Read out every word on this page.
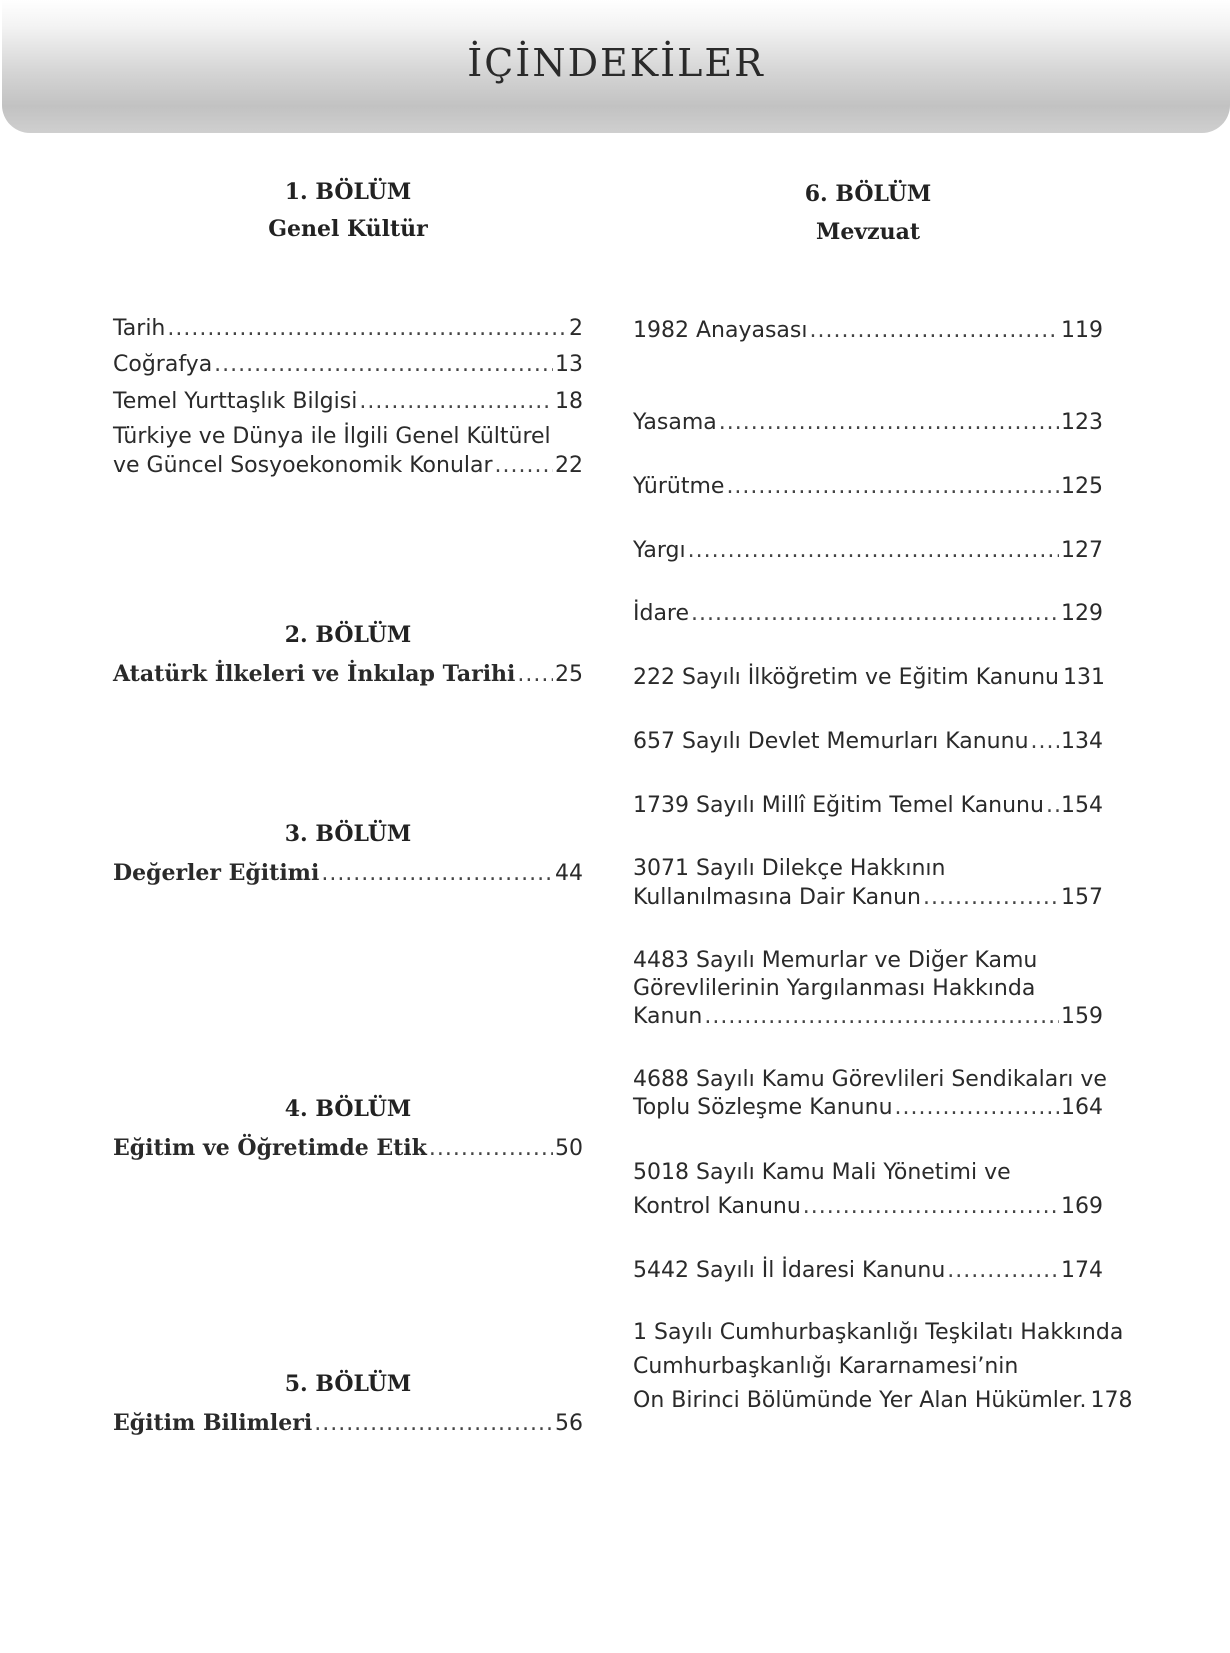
İÇİNDEKİLER
1. BÖLÜM
Genel Kültür
6. BÖLÜM
Mevzuat
Tarih .....	2
Coğrafya .....	13
Temel Yurttaşlık Bilgisi .....	18
Türkiye ve Dünya ile İlgili Genel Kültürel
ve Güncel Sosyoekonomik Konular .....	22
2. BÖLÜM
Atatürk İlkeleri ve İnkılap Tarihi ..... 25
3. BÖLÜM
Değerler Eğitimi .....	44
4. BÖLÜM
Eğitim ve Öğretimde Etik .....	50
5. BÖLÜM
Eğitim Bilimleri .....	56
1982 Anayasası .....	119
Yasama .....	123
Yürütme .....	125
Yargı .....	127
İdare .....	129
222 Sayılı İlköğretim ve Eğitim Kanunu 131
657 Sayılı Devlet Memurları Kanunu ..... 134
1739 Sayılı Millî Eğitim Temel Kanunu ..... 154
3071 Sayılı Dilekçe Hakkının
Kullanılmasına Dair Kanun .....	157
4483 Sayılı Memurlar ve Diğer Kamu
Görevlilerinin Yargılanması Hakkında
Kanun .....	159
4688 Sayılı Kamu Görevlileri Sendikaları ve
Toplu Sözleşme Kanunu .....	164
5018 Sayılı Kamu Mali Yönetimi ve
Kontrol Kanunu .....	169
5442 Sayılı İl İdaresi Kanunu .....	174
1 Sayılı Cumhurbaşkanlığı Teşkilatı Hakkında
Cumhurbaşkanlığı Kararnamesi’nin
On Birinci Bölümünde Yer Alan Hükümler. 178
